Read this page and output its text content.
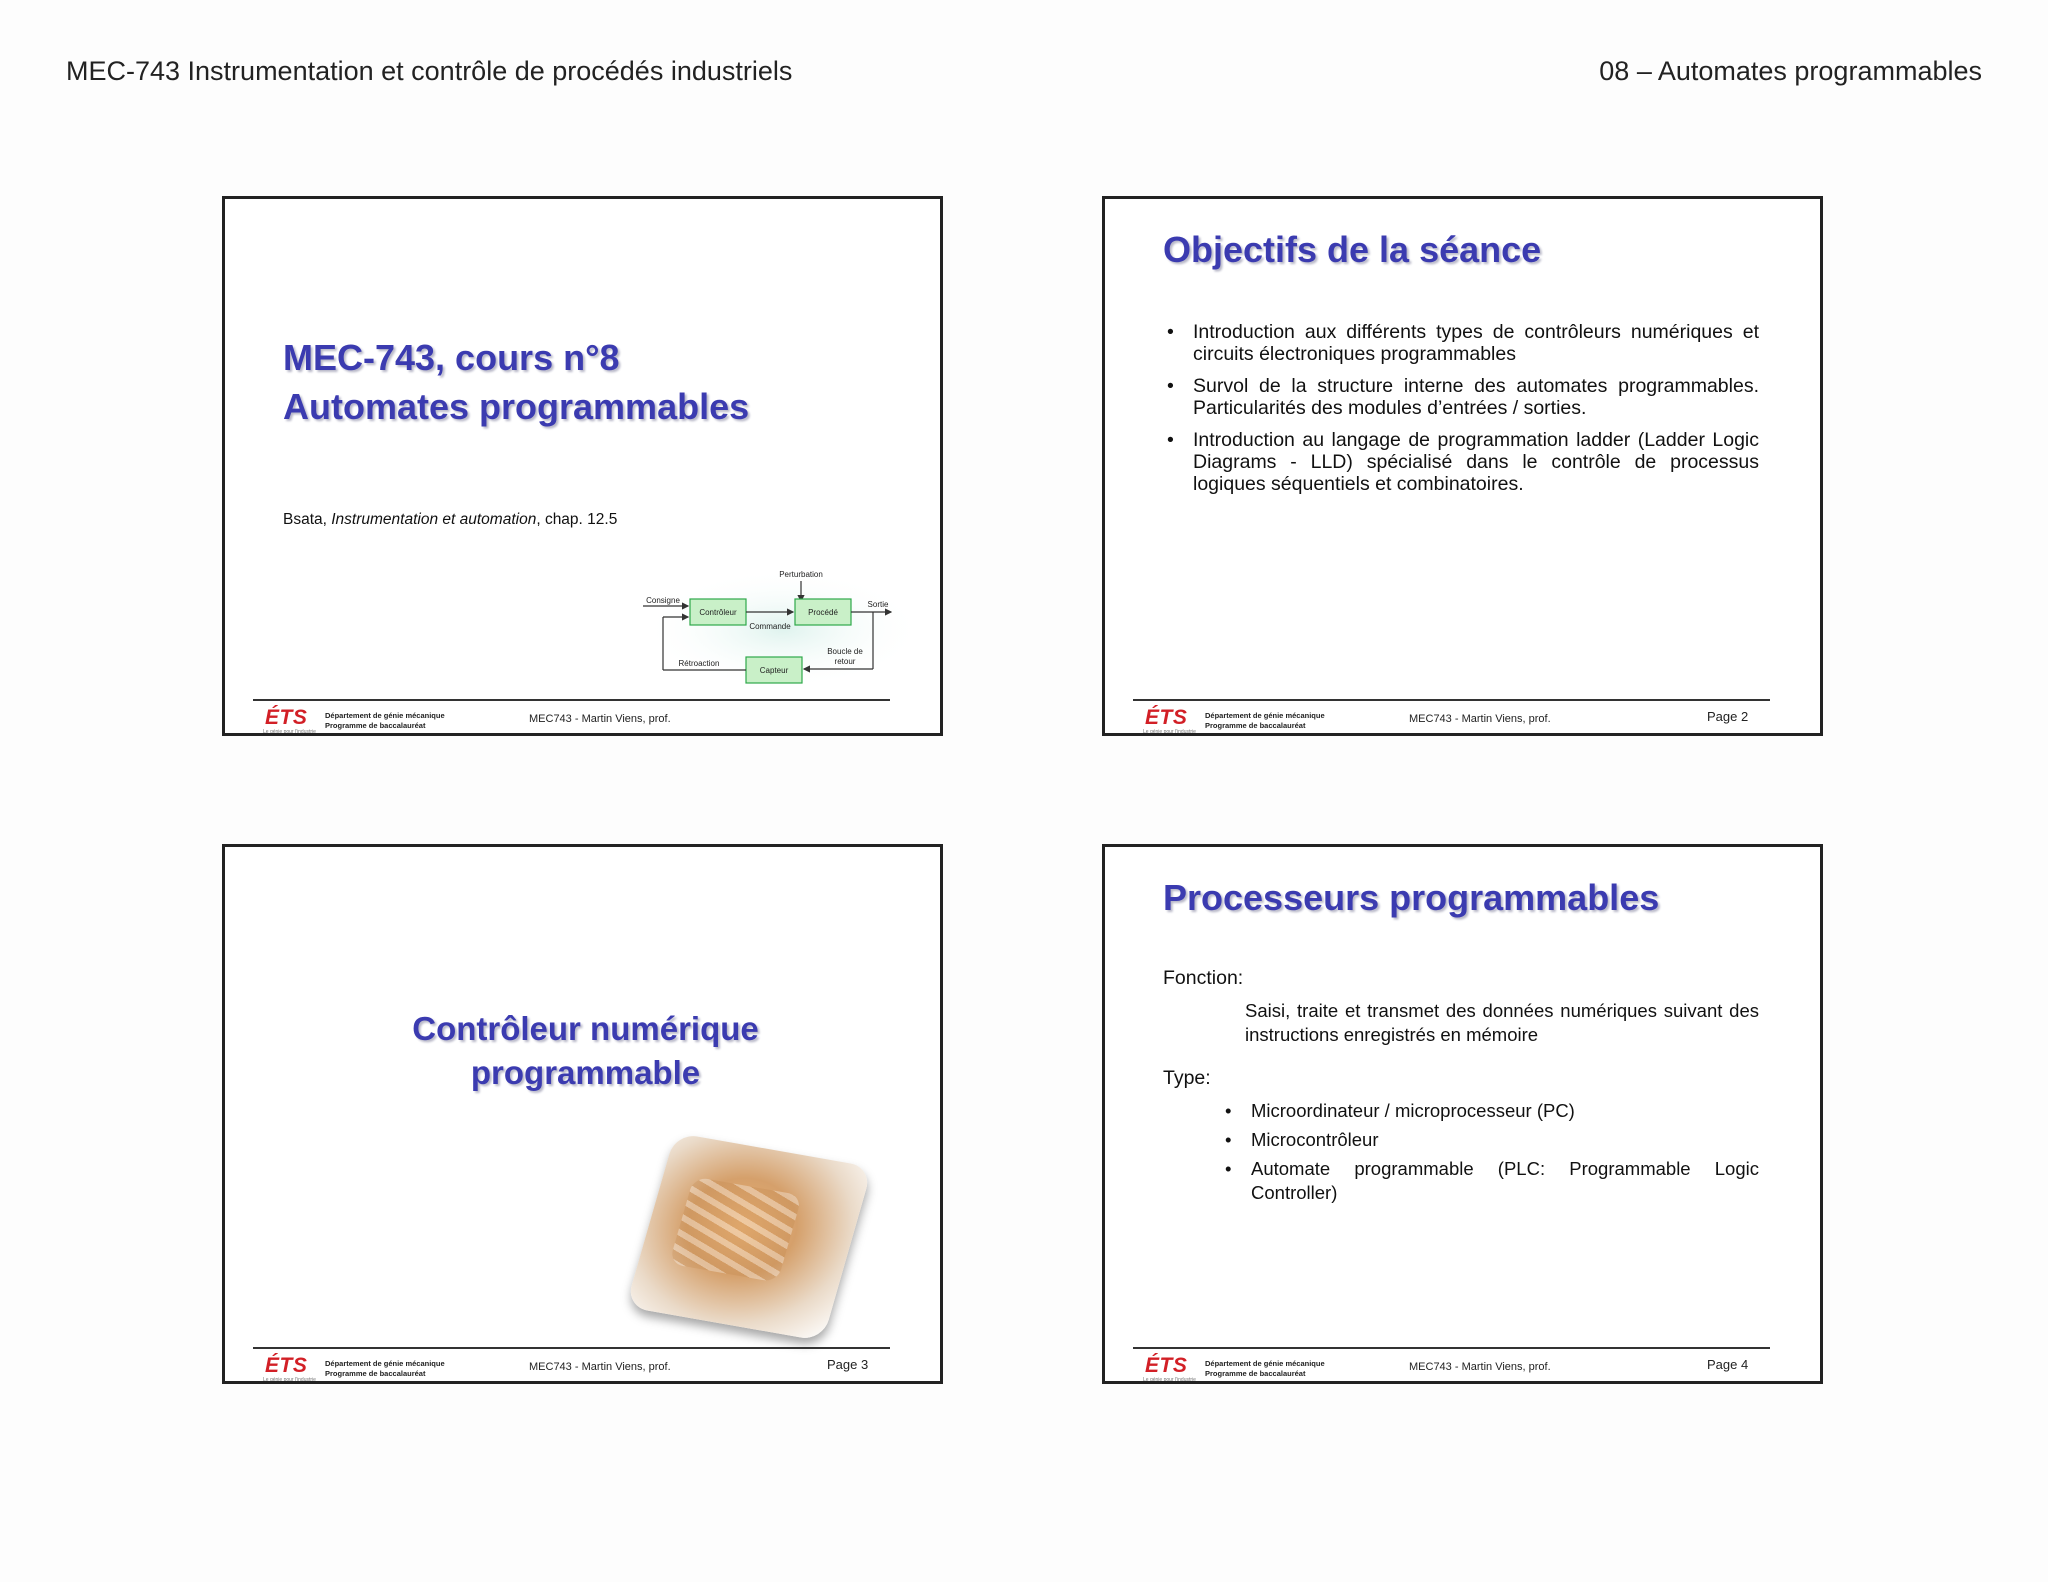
MEC-743 Instrumentation et contrôle de procédés industriels	08 – Automates programmables
MEC-743, cours n°8
Automates programmables
Bsata, Instrumentation et automation, chap. 12.5
Perturbation
Consigne
Contrôleur
Commande
Procédé
Sortie
Boucle de
retour
Capteur
Rétroaction
ÉTS
Le génie pour l'industrie
Département de génie mécanique
Programme de baccalauréat
MEC743 - Martin Viens, prof.
Objectifs de la séance
• Introduction aux différents types de contrôleurs numériques et circuits électroniques programmables
• Survol de la structure interne des automates programmables. Particularités des modules d’entrées / sorties.
• Introduction au langage de programmation ladder (Ladder Logic Diagrams - LLD) spécialisé dans le contrôle de processus logiques séquentiels et combinatoires.
ÉTS
Le génie pour l'industrie
Département de génie mécanique
Programme de baccalauréat
MEC743 - Martin Viens, prof.	Page 2
Contrôleur numérique
programmable
ÉTS
Le génie pour l'industrie
Département de génie mécanique
Programme de baccalauréat
MEC743 - Martin Viens, prof.	Page 3
Processeurs programmables
Fonction:
Saisi, traite et transmet des données numériques suivant des instructions enregistrés en mémoire
Type:
• Microordinateur / microprocesseur (PC)
• Microcontrôleur
• Automate programmable (PLC: Programmable Logic Controller)
ÉTS
Le génie pour l'industrie
Département de génie mécanique
Programme de baccalauréat
MEC743 - Martin Viens, prof.	Page 4
